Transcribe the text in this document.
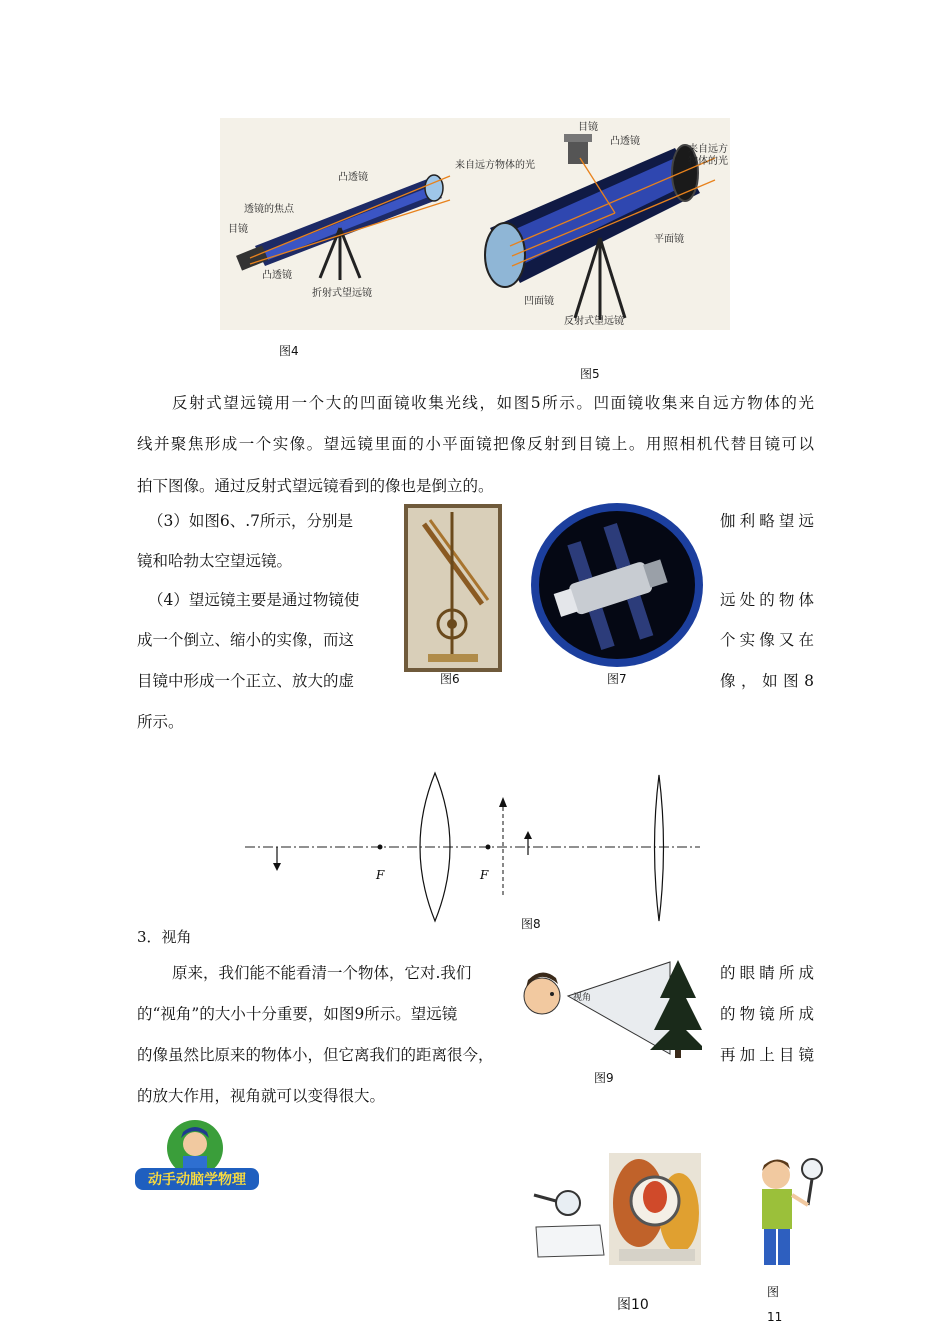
凸透镜
来自远方物体的光
透镜的焦点
目镜
凸透镜
折射式望远镜
目镜
凸透镜
来自远方
物体的光
平面镜
凹面镜
反射式望远镜
图4
图5
反射式望远镜用一个大的凹面镜收集光线，如图5所示。凹面镜收集来自远方物体的光
线并聚焦形成一个实像。望远镜里面的小平面镜把像反射到目镜上。用照相机代替目镜可以
拍下图像。通过反射式望远镜看到的像也是倒立的。
（3）如图6、.7所示，分别是	伽利略望远
镜和哈勃太空望远镜。
（4）望远镜主要是通过物镜使	远处的物体
成一个倒立、缩小的实像，而这	个实像又在
目镜中形成一个正立、放大的虚	像，如图8
所示。
图6	图7
F	F
图8
3．视角
原来，我们能不能看清一个物体，它对.我们	的眼睛所成
的“视角”的大小十分重要，如图9所示。望远镜	的物镜所成
的像虽然比原来的物体小，但它离我们的距离很今，	再加上目镜
的放大作用，视角就可以变得很大。
视角
图9
动手动脑学物理
图10
图
11
